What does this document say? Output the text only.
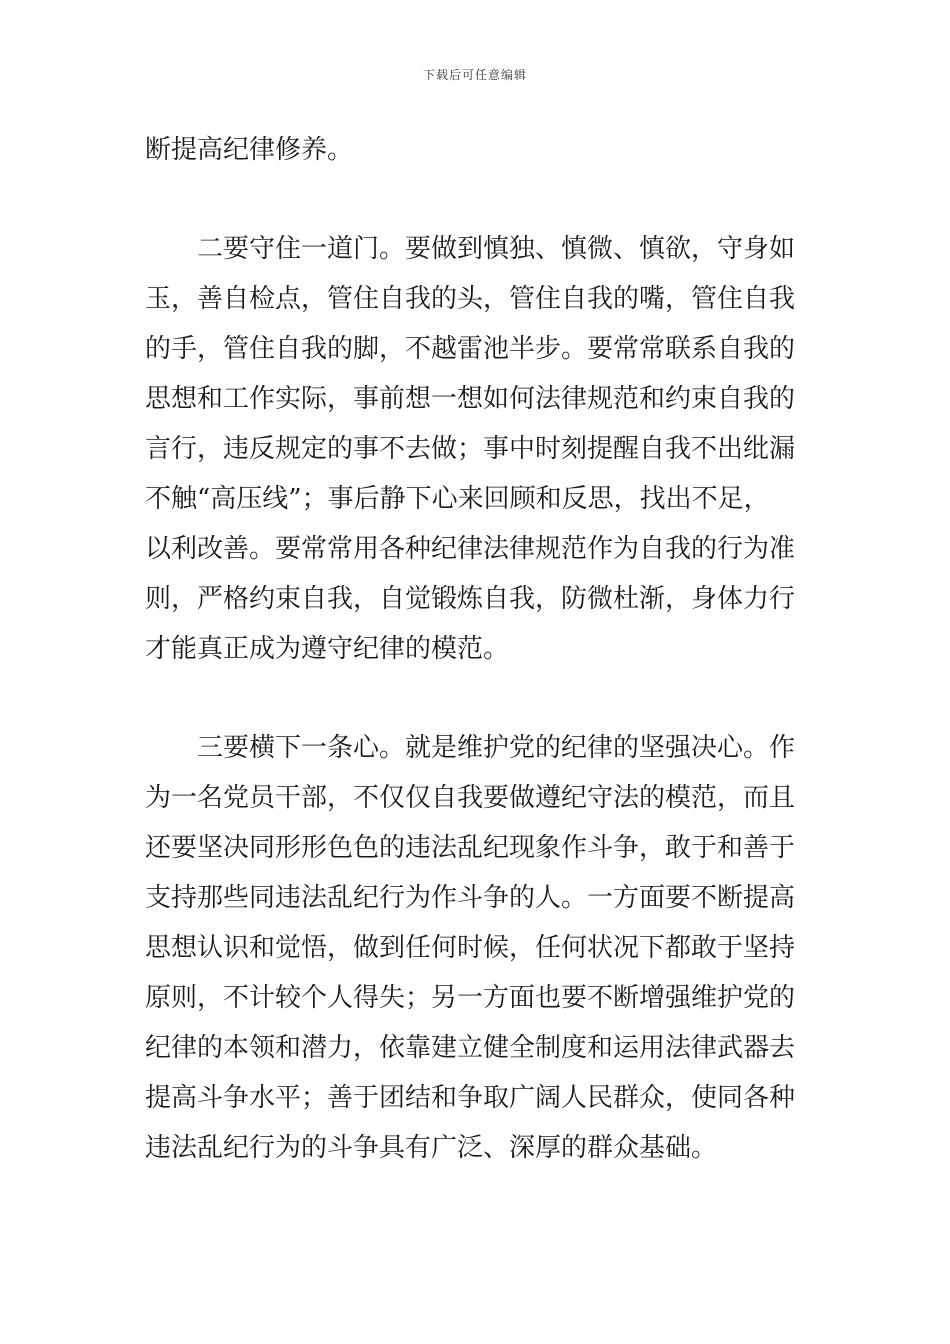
下载后可任意编辑
断提高纪律修养。
二要守住一道门。要做到慎独、慎微、慎欲，守身如
玉，善自检点，管住自我的头，管住自我的嘴，管住自我
的手，管住自我的脚，不越雷池半步。要常常联系自我的
思想和工作实际，事前想一想如何法律规范和约束自我的
言行，违反规定的事不去做；事中时刻提醒自我不出纰漏
不触“高压线”；事后静下心来回顾和反思，找出不足，
以利改善。要常常用各种纪律法律规范作为自我的行为准
则，严格约束自我，自觉锻炼自我，防微杜渐，身体力行
才能真正成为遵守纪律的模范。
三要横下一条心。就是维护党的纪律的坚强决心。作
为一名党员干部，不仅仅自我要做遵纪守法的模范，而且
还要坚决同形形色色的违法乱纪现象作斗争，敢于和善于
支持那些同违法乱纪行为作斗争的人。一方面要不断提高
思想认识和觉悟，做到任何时候，任何状况下都敢于坚持
原则，不计较个人得失；另一方面也要不断增强维护党的
纪律的本领和潜力，依靠建立健全制度和运用法律武器去
提高斗争水平；善于团结和争取广阔人民群众，使同各种
违法乱纪行为的斗争具有广泛、深厚的群众基础。
